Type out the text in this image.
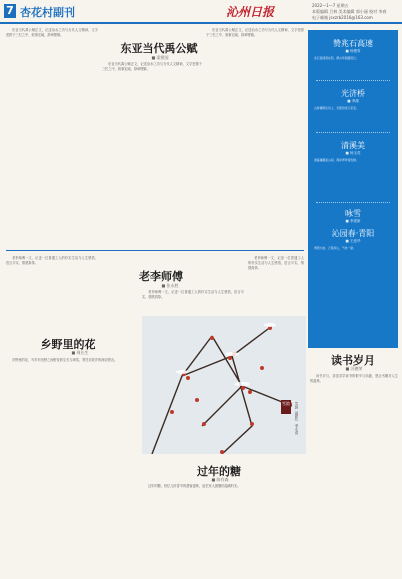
7 杏花村副刊	沁州日报	2022—1—7 星期五
本版编辑 吕林 美术编辑 郭小丽 校对 李春
电子邮箱 jsxzrb2016@163.com
东亚当代禹公赋
■ 梁建国

东亚当代禹公赋正文，记述治水之功与当代人文精神，文字密排于三栏之中，叙事宏阔，辞章铿锵。

东亚当代禹公赋正文，记述治水之功与当代人文精神，文字密排于三栏之中，叙事宏阔，辞章铿锵。

东亚当代禹公赋正文，记述治水之功与当代人文精神，文字密排于三栏之中，叙事宏阔，辞章铿锵。

老李师傅
■ 张永胜

老李师傅一文，记述一位普通工人的朴实生活与人生感悟，语言平实，情感真挚。

老李师傅一文，记述一位普通工人的朴实生活与人生感悟，语言平实，情感真挚。

老李师傅一文，记述一位普通工人的朴实生活与人生感悟，语言平实，情感真挚。

乡野里的花
■ 周长生

乡野里的花，写乡村田野之间野花的生长与凋零，寄托对故乡的深切思念。

雪韵 雪韵（摄影） 李永清
过年的糖
■ 陈有森

过年的糖，回忆儿时春节的甜蜜滋味，追忆家人团聚的温暖时光。

读书岁月
■ 冯德荣

读书岁月，讲述求学读书的艰辛与乐趣，感念书籍对人生的滋养。

赞兆石高速
■ 杨俊青
兆石高速贯东西，群山环抱路悠长。
光济桥
■ 李蒲
古桥横跨沁河上，光照济世万家安。
清溪美
■ 杨玉英
清溪潺潺流山间，两岸青翠景色鲜。
咏雪
■ 李建新
沁园春·青阳
■ 王爱华
青阳大地，万里河山，气象一新。
